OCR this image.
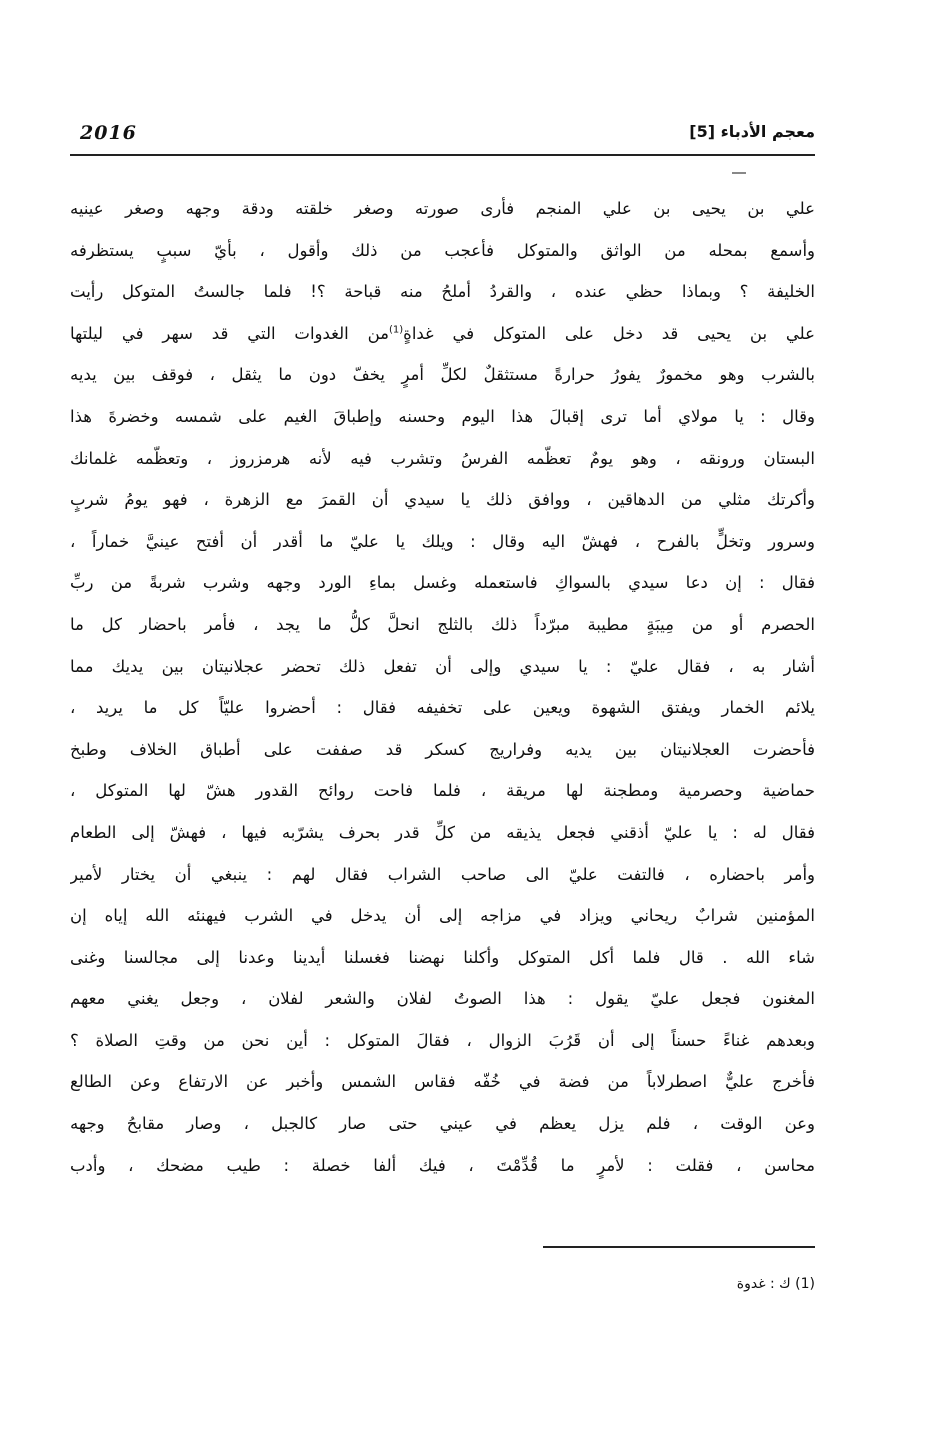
2016	معجم الأدباء [5]
علي بن يحيى بن علي المنجم فأرى صورته وصغر خلقته ودقة وجهه وصغر عينيه
وأسمع بمحله من الواثق والمتوكل فأعجب من ذلك وأقول ، بأيّ سببٍ يستظرفه
الخليفة ؟ وبماذا حظي عنده ، والقردُ أملحُ منه قباحة ؟! فلما جالستُ المتوكل رأيت
علي بن يحيى قد دخل على المتوكل في غداةٍ$^{(1)}$من الغدوات التي قد سهر في ليلتها
بالشرب وهو مخمورٌ يفورُ حرارةً مستثقلٌ لكلِّ أمرٍ يخفّ دون ما يثقل ، فوقف بين يديه
وقال : يا مولاي أما ترى إقبالَ هذا اليوم وحسنه وإطباقَ الغيم على شمسه وخضرةَ هذا
البستان ورونقه ، وهو يومٌ تعظّمه الفرسُ وتشرب فيه لأنه هرمزروز ، وتعظّمه غلمانك
وأكرتك مثلي من الدهاقين ، ووافق ذلك يا سيدي أن القمرَ مع الزهرة ، فهو يومُ شربٍ
وسرور وتخلٍّ بالفرح ، فهشّ اليه وقال : ويلك يا عليّ ما أقدر أن أفتح عينيَّ خماراً ،
فقال : إن دعا سيدي بالسواكِ فاستعمله وغسل بماءِ الورد وجهه وشرب شربةً من ربِّ
الحصرم أو من مِيبَةٍ مطيبة مبرّداً ذلك بالثلج انحلَّ كلُّ ما يجد ، فأمر باحضار كل ما
أشار به ، فقال عليّ : يا سيدي وإلى أن تفعل ذلك تحضر عجلانيتان بين يديك مما
يلائم الخمار ويفتق الشهوة ويعين على تخفيفه فقال : أحضروا عليّاً كل ما يريد ،
فأحضرت العجلانيتان بين يديه وفراريج كسكر قد صففت على أطباق الخلاف وطبخ
حماضية وحصرمية ومطجنة لها مريقة ، فلما فاحت روائح القدور هشّ لها المتوكل ،
فقال له : يا عليّ أذقني فجعل يذيقه من كلِّ قدر بحرف يشرّبه فيها ، فهشّ إلى الطعام
وأمر باحضاره ، فالتفت عليّ الى صاحب الشراب فقال لهم : ينبغي أن يختار لأمير
المؤمنين شرابٌ ريحاني ويزاد في مزاجه إلى أن يدخل في الشرب فيهنئه الله إياه إن
شاء الله . قال فلما أكل المتوكل وأكلنا نهضنا فغسلنا أيدينا وعدنا إلى مجالسنا وغنى
المغنون فجعل عليّ يقول : هذا الصوتُ لفلان والشعر لفلان ، وجعل يغني معهم
وبعدهم غناءً حسناً إلى أن قَرُبَ الزوال ، فقالَ المتوكل : أين نحن من وقتِ الصلاة ؟
فأخرج عليٌّ اصطرلاباً من فضة في خُفّه فقاس الشمس وأخبر عن الارتفاع وعن الطالع
وعن الوقت ، فلم يزل يعظم في عيني حتى صار كالجبل ، وصار مقابحُ وجهه
محاسن ، فقلت : لأمرٍ ما قُدِّمْتَ ، فيك ألفا خصلة : طيب مضحك ، وأدب
(1) ك : غدوة
